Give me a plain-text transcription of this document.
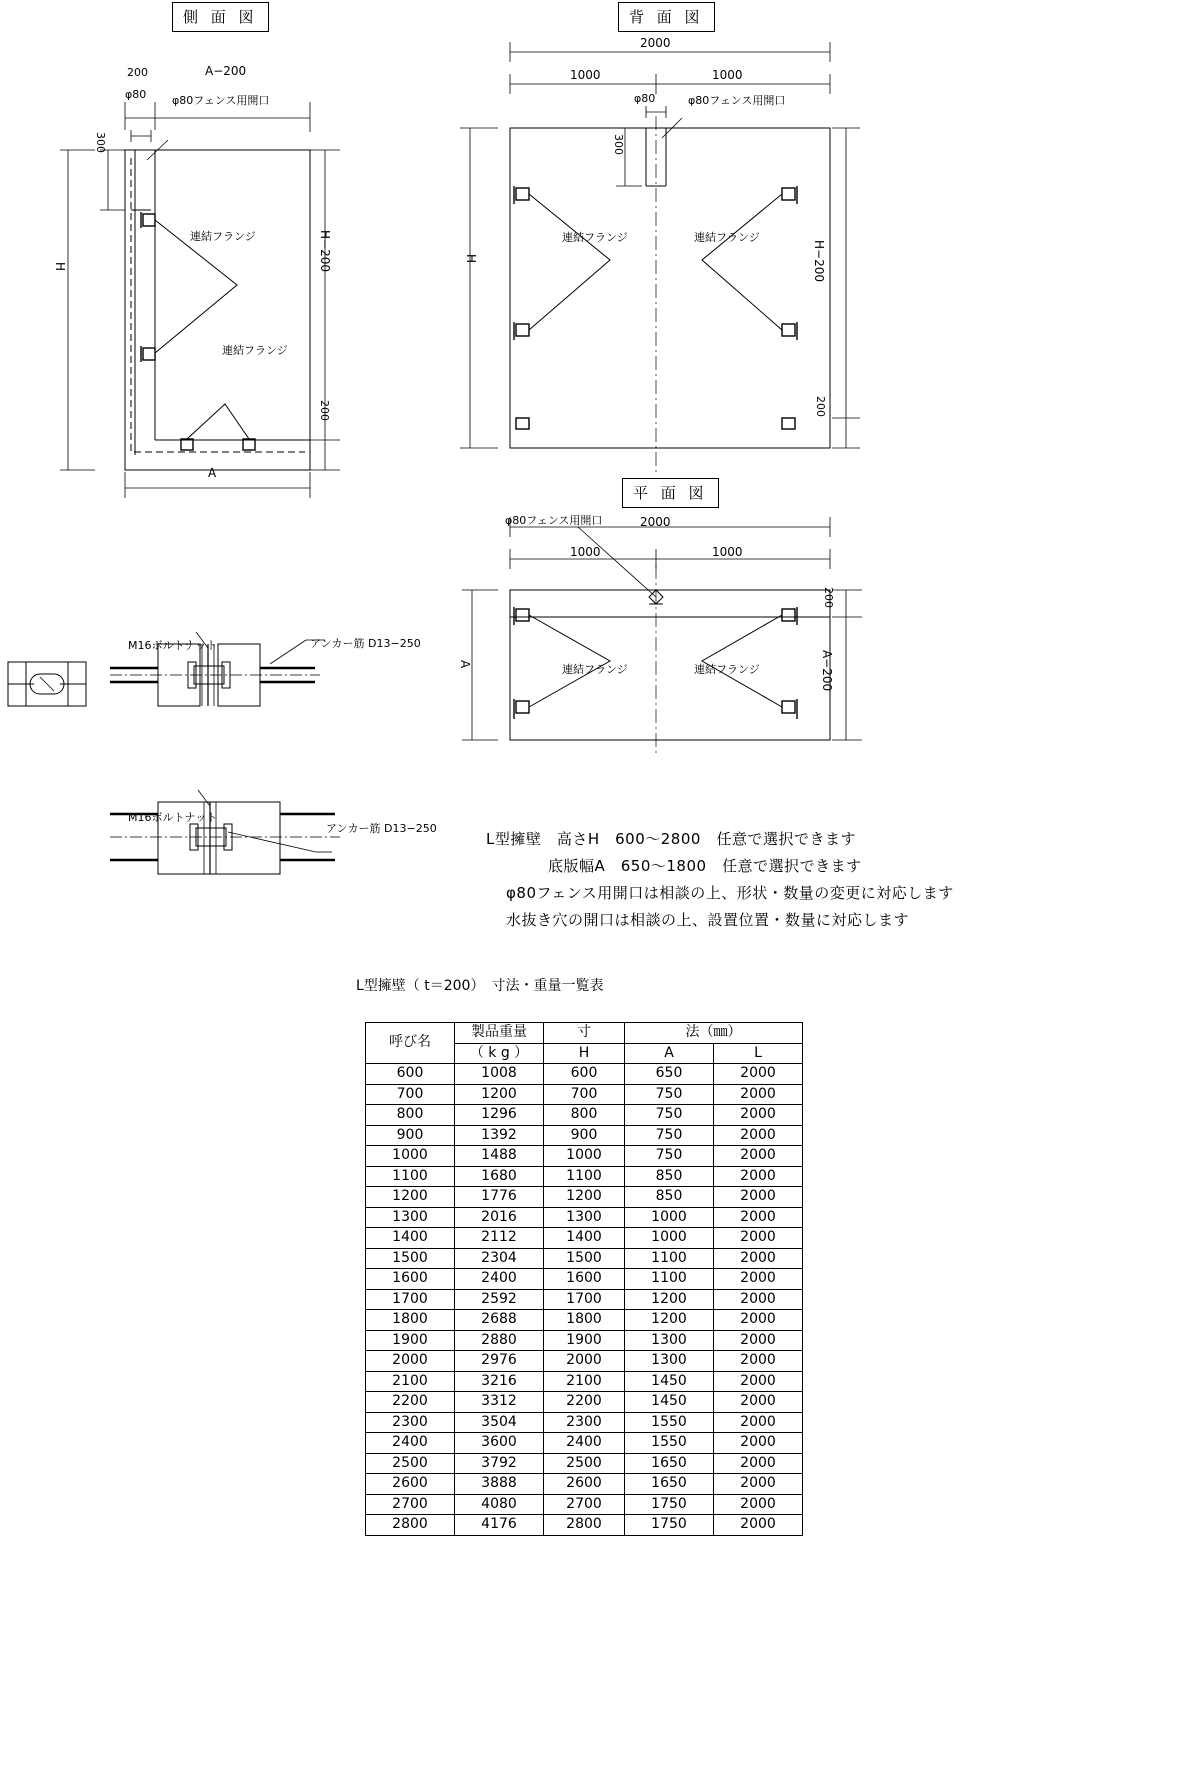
側 面 図	背 面 図
平 面 図
200	A−200
φ80 φ80フェンス用開口
300
H	H−200
200
A
連結フランジ
連結フランジ
2000
1000	1000
φ80	φ80フェンス用開口
300
H	H−200
200
連結フランジ	連結フランジ
φ80フェンス用開口	2000
1000	1000
A
200
A−200
連結フランジ	連結フランジ
M16ボルトナット	アンカー筋 D13−250
M16ボルトナット
アンカー筋 D13−250
L型擁壁　高さH　600〜2800　任意で選択できます
底版幅A　650〜1800　任意で選択できます
φ80フェンス用開口は相談の上、形状・数量の変更に対応します
水抜き穴の開口は相談の上、設置位置・数量に対応します
L型擁壁（ t＝200）　寸法・重量一覧表
呼び名	製品重量	寸	法（㎜）	
	（ k g ）	H	A	L
600	1008	600	650	2000
700	1200	700	750	2000
800	1296	800	750	2000
900	1392	900	750	2000
1000	1488	1000	750	2000
1100	1680	1100	850	2000
1200	1776	1200	850	2000
1300	2016	1300	1000	2000
1400	2112	1400	1000	2000
1500	2304	1500	1100	2000
1600	2400	1600	1100	2000
1700	2592	1700	1200	2000
1800	2688	1800	1200	2000
1900	2880	1900	1300	2000
2000	2976	2000	1300	2000
2100	3216	2100	1450	2000
2200	3312	2200	1450	2000
2300	3504	2300	1550	2000
2400	3600	2400	1550	2000
2500	3792	2500	1650	2000
2600	3888	2600	1650	2000
2700	4080	2700	1750	2000
2800	4176	2800	1750	2000
